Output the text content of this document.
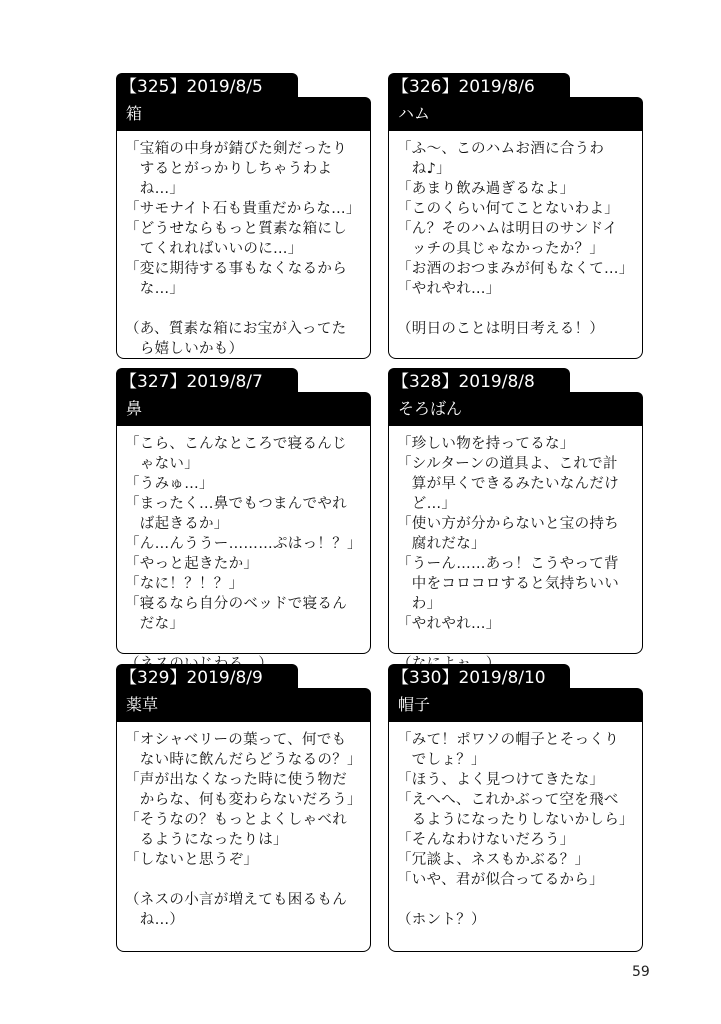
【325】2019/8/5
箱
「宝箱の中身が錆びた剣だったり
　するとがっかりしちゃうわよ
　ね…」
「サモナイト石も貴重だからな…」
「どうせならもっと質素な箱にし
　てくれればいいのに…」
「変に期待する事もなくなるから
　な…」
（あ、質素な箱にお宝が入ってた
　ら嬉しいかも）
【326】2019/8/6
ハム
「ふ～、このハムお酒に合うわ
　ね♪」
「あまり飲み過ぎるなよ」
「このくらい何てことないわよ」
「ん？そのハムは明日のサンドイ
　ッチの具じゃなかったか？」
「お酒のおつまみが何もなくて…」
「やれやれ…」
（明日のことは明日考える！）
【327】2019/8/7
鼻
「こら、こんなところで寝るんじ
　ゃない」
「うみゅ…」
「まったく…鼻でもつまんでやれ
　ば起きるか」
「ん…んううー………ぷはっ！？」
「やっと起きたか」
「なに！？！？」
「寝るなら自分のベッドで寝るん
　だな」
【328】2019/8/8
そろばん
「珍しい物を持ってるな」
「シルターンの道具よ、これで計
　算が早くできるみたいなんだけ
　ど…」
「使い方が分からないと宝の持ち
　腐れだな」
「うーん……あっ！こうやって背
　中をコロコロすると気持ちいい
　わ」
「やれやれ…」
【329】2019/8/9
薬草
「オシャベリーの葉って、何でも
　ない時に飲んだらどうなるの？」
「声が出なくなった時に使う物だ
　からな、何も変わらないだろう」
「そうなの？もっとよくしゃべれ
　るようになったりは」
「しないと思うぞ」
（ネスの小言が増えても困るもん
　ね…）
【330】2019/8/10
帽子
「みて！ポワソの帽子とそっくり
　でしょ？」
「ほう、よく見つけてきたな」
「えへへ、これかぶって空を飛べ
　るようになったりしないかしら」
「そんなわけないだろう」
「冗談よ、ネスもかぶる？」
「いや、君が似合ってるから」
（ホント？）
59
